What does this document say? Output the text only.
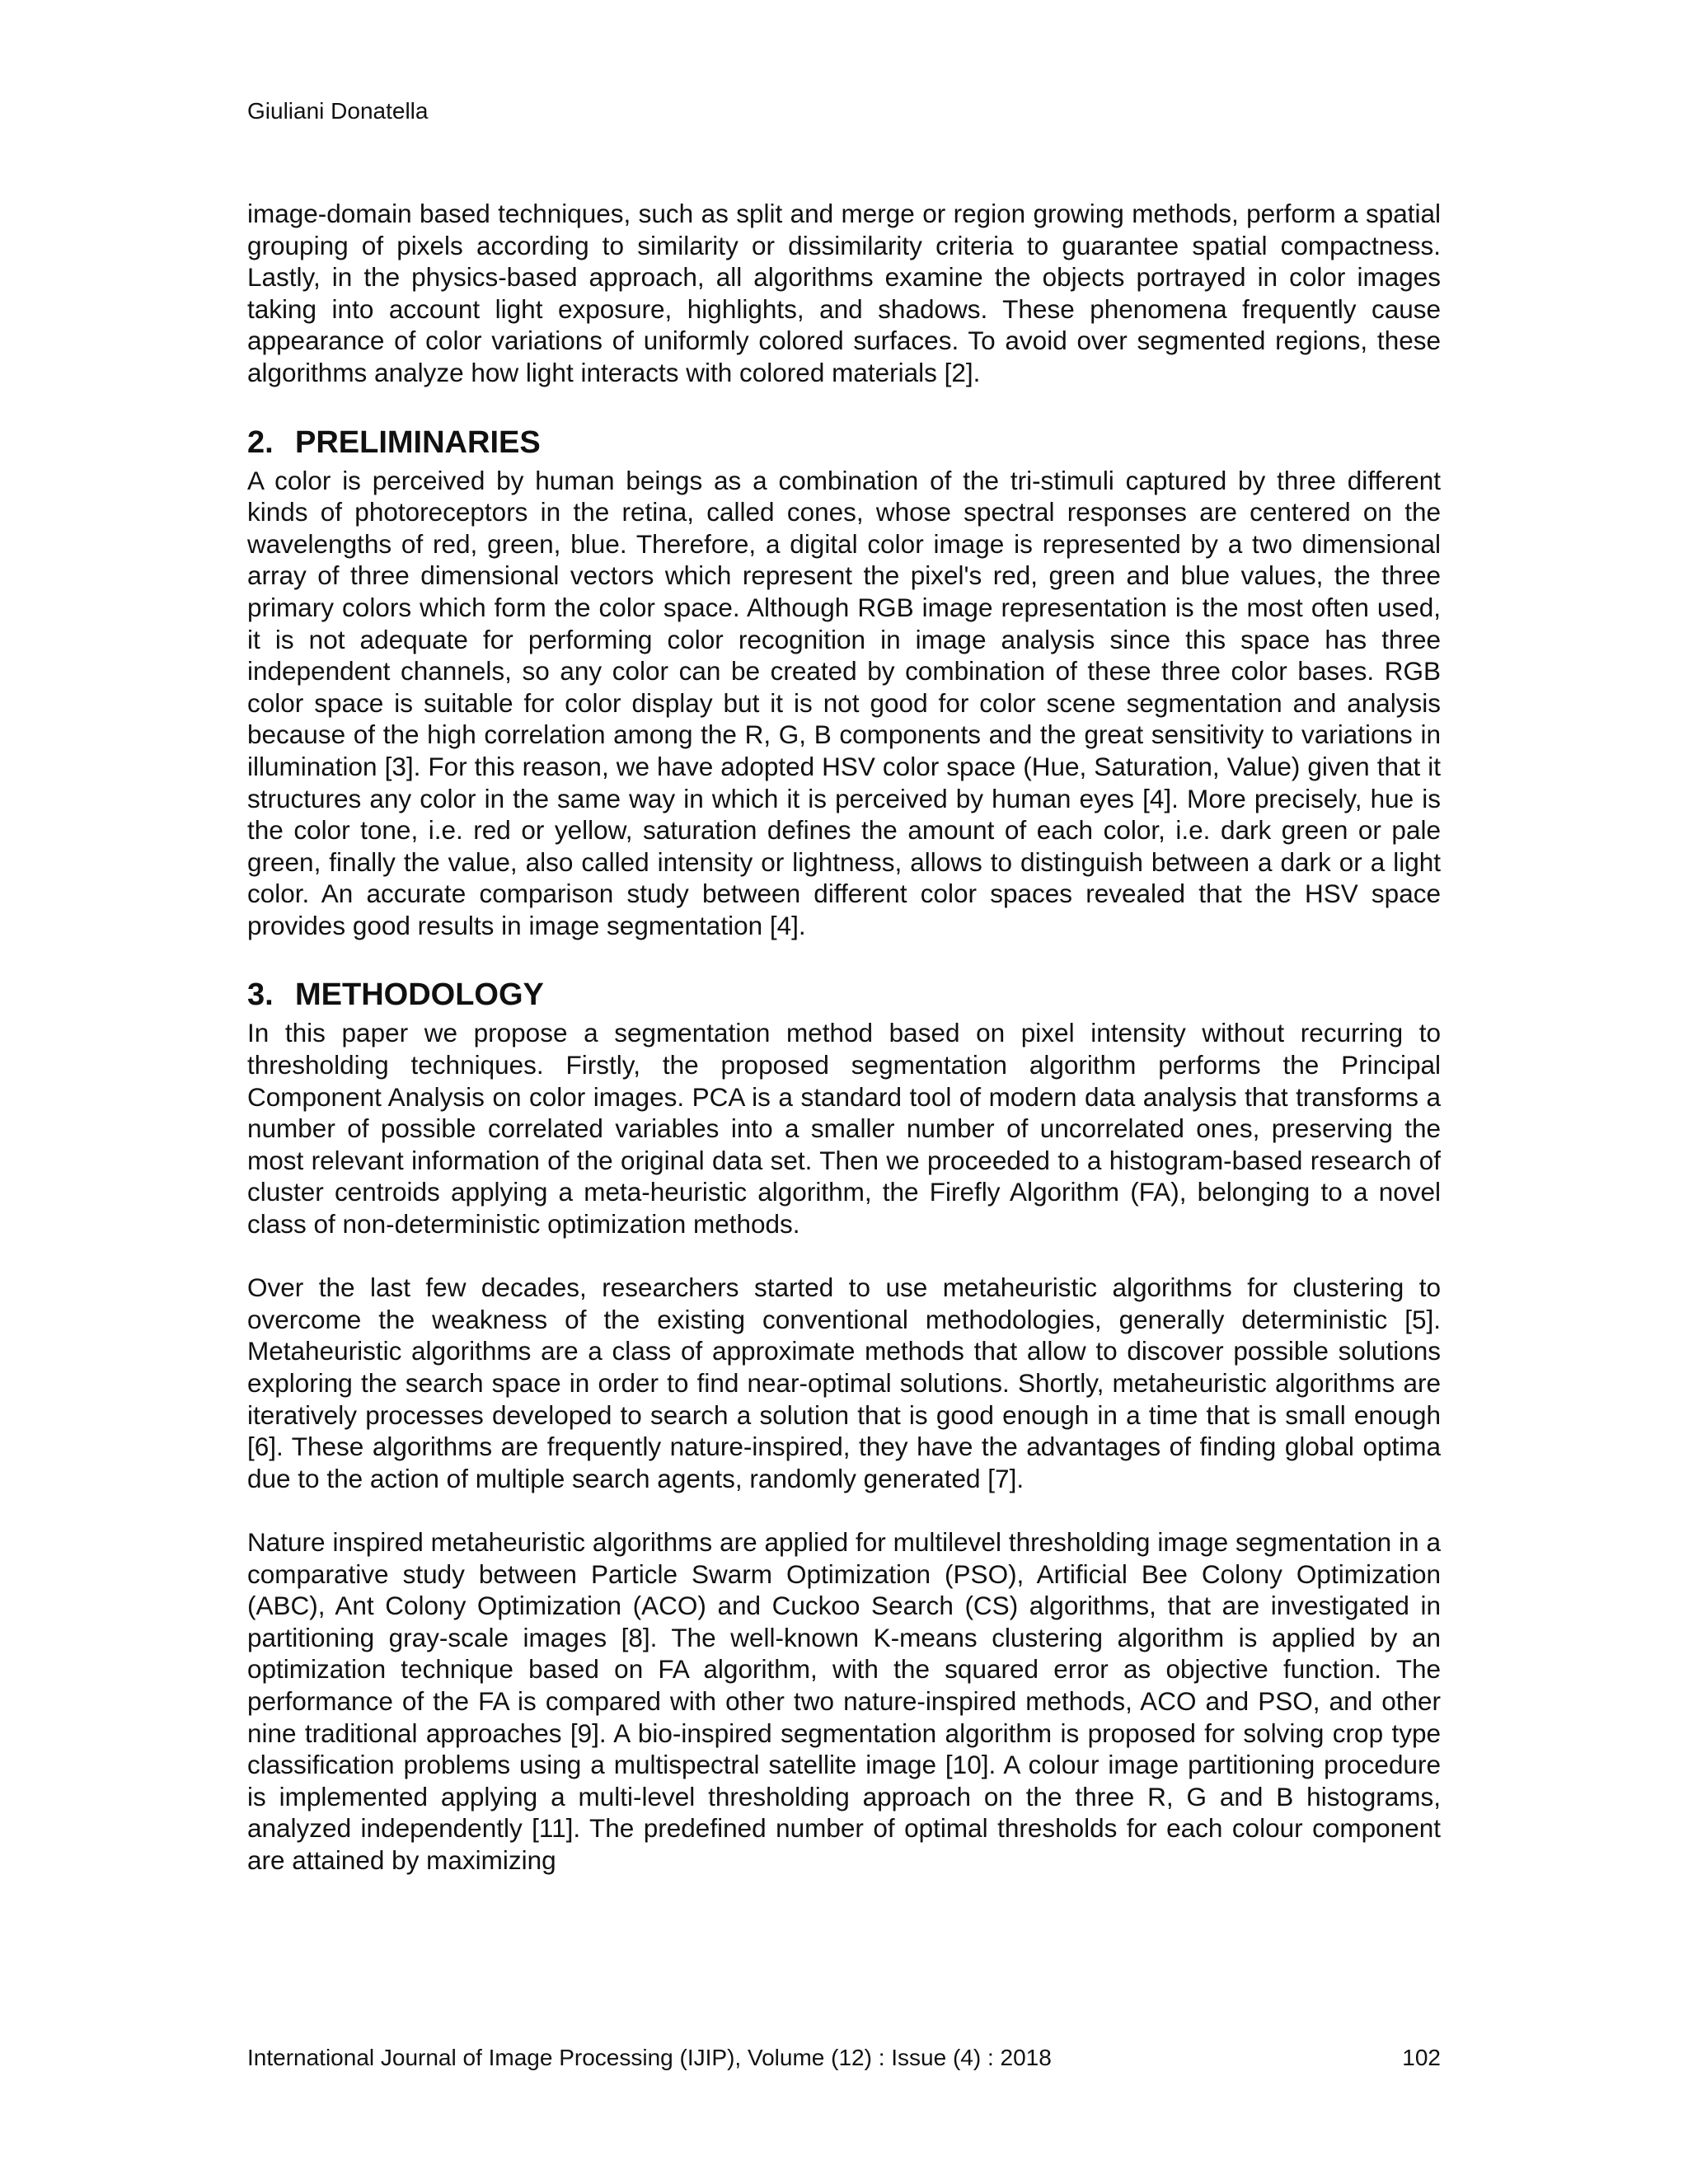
Giuliani Donatella

image-domain based techniques, such as split and merge or region growing methods, perform a spatial grouping of pixels according to similarity or dissimilarity criteria to guarantee spatial compactness. Lastly, in the physics-based approach, all algorithms examine the objects portrayed in color images taking into account light exposure, highlights, and shadows. These phenomena frequently cause appearance of color variations of uniformly colored surfaces. To avoid over segmented regions, these algorithms analyze how light interacts with colored materials [2].

2. PRELIMINARIES

A color is perceived by human beings as a combination of the tri-stimuli captured by three different kinds of photoreceptors in the retina, called cones, whose spectral responses are centered on the wavelengths of red, green, blue. Therefore, a digital color image is represented by a two dimensional array of three dimensional vectors which represent the pixel's red, green and blue values, the three primary colors which form the color space. Although RGB image representation is the most often used, it is not adequate for performing color recognition in image analysis since this space has three independent channels, so any color can be created by combination of these three color bases. RGB color space is suitable for color display but it is not good for color scene segmentation and analysis because of the high correlation among the R, G, B components and the great sensitivity to variations in illumination [3]. For this reason, we have adopted HSV color space (Hue, Saturation, Value) given that it structures any color in the same way in which it is perceived by human eyes [4]. More precisely, hue is the color tone, i.e. red or yellow, saturation defines the amount of each color, i.e. dark green or pale green, finally the value, also called intensity or lightness, allows to distinguish between a dark or a light color. An accurate comparison study between different color spaces revealed that the HSV space provides good results in image segmentation [4].

3. METHODOLOGY

In this paper we propose a segmentation method based on pixel intensity without recurring to thresholding techniques. Firstly, the proposed segmentation algorithm performs the Principal Component Analysis on color images. PCA is a standard tool of modern data analysis that transforms a number of possible correlated variables into a smaller number of uncorrelated ones, preserving the most relevant information of the original data set. Then we proceeded to a histogram-based research of cluster centroids applying a meta-heuristic algorithm, the Firefly Algorithm (FA), belonging to a novel class of non-deterministic optimization methods.

Over the last few decades, researchers started to use metaheuristic algorithms for clustering to overcome the weakness of the existing conventional methodologies, generally deterministic [5]. Metaheuristic algorithms are a class of approximate methods that allow to discover possible solutions exploring the search space in order to find near-optimal solutions. Shortly, metaheuristic algorithms are iteratively processes developed to search a solution that is good enough in a time that is small enough [6]. These algorithms are frequently nature-inspired, they have the advantages of finding global optima due to the action of multiple search agents, randomly generated [7].

Nature inspired metaheuristic algorithms are applied for multilevel thresholding image segmentation in a comparative study between Particle Swarm Optimization (PSO), Artificial Bee Colony Optimization (ABC), Ant Colony Optimization (ACO) and Cuckoo Search (CS) algorithms, that are investigated in partitioning gray-scale images [8]. The well-known K-means clustering algorithm is applied by an optimization technique based on FA algorithm, with the squared error as objective function. The performance of the FA is compared with other two nature-inspired methods, ACO and PSO, and other nine traditional approaches [9]. A bio-inspired segmentation algorithm is proposed for solving crop type classification problems using a multispectral satellite image [10]. A colour image partitioning procedure is implemented applying a multi-level thresholding approach on the three R, G and B histograms, analyzed independently [11]. The predefined number of optimal thresholds for each colour component are attained by maximizing

International Journal of Image Processing (IJIP), Volume (12) : Issue (4) : 2018	102
